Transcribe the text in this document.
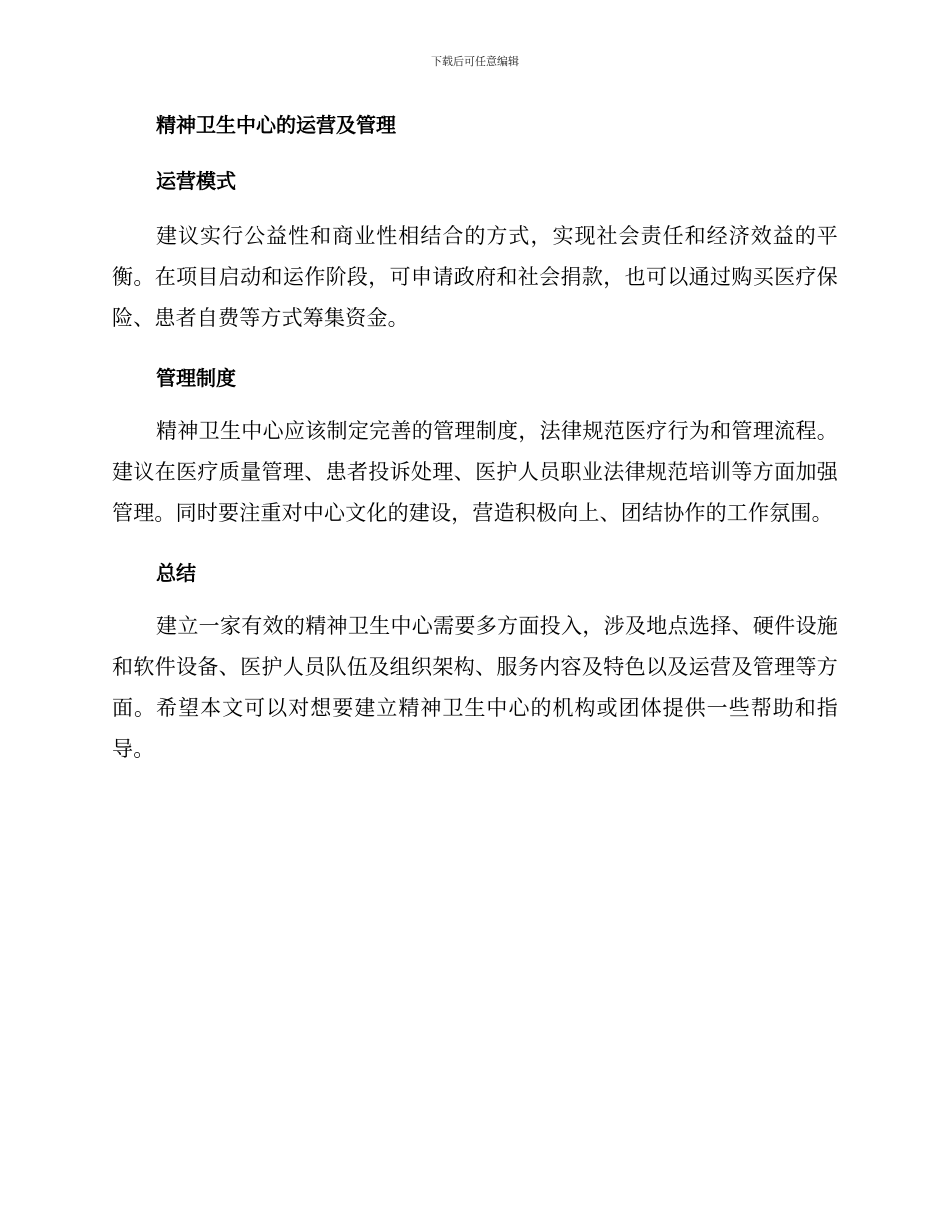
下载后可任意编辑
精神卫生中心的运营及管理
运营模式

建议实行公益性和商业性相结合的方式，实现社会责任和经济效益的平衡。在项目启动和运作阶段，可申请政府和社会捐款，也可以通过购买医疗保险、患者自费等方式筹集资金。

管理制度

精神卫生中心应该制定完善的管理制度，法律规范医疗行为和管理流程。建议在医疗质量管理、患者投诉处理、医护人员职业法律规范培训等方面加强管理。同时要注重对中心文化的建设，营造积极向上、团结协作的工作氛围。

总结

建立一家有效的精神卫生中心需要多方面投入，涉及地点选择、硬件设施和软件设备、医护人员队伍及组织架构、服务内容及特色以及运营及管理等方面。希望本文可以对想要建立精神卫生中心的机构或团体提供一些帮助和指导。
